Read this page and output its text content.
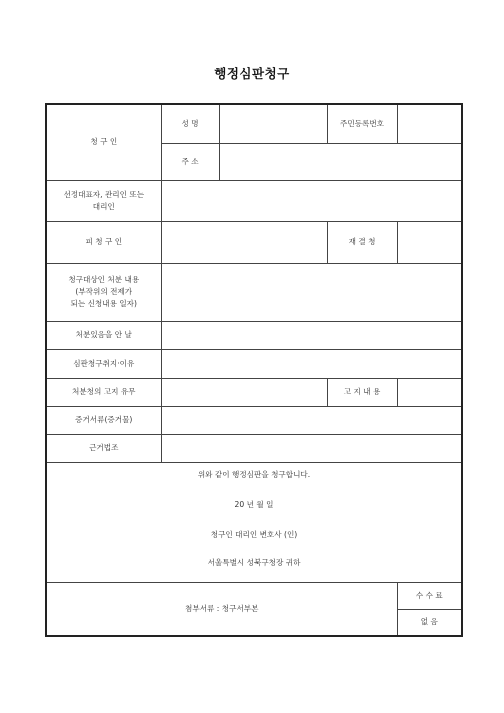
행정심판청구
청 구 인	성 명		주민등록번호	
	주 소			

선정대표자, 관리인 또는
대리인				

피 청 구 인			재 결 청	

청구대상인 처분 내용
(부작위의 전제가
되는 신청내용 일자)				

처분있음을 안 날				
심판청구취지·이유				
처분청의 고지 유무			고 지 내 용	
증거서류(증거물)				
근거법조				

위와 같이 행정심판을 청구합니다.
20 년 월 일
청구인 대리인 변호사 (인)
서울특별시 성북구청장 귀하				

첨부서류 : 청구서부본				수 수 료
				없 음
